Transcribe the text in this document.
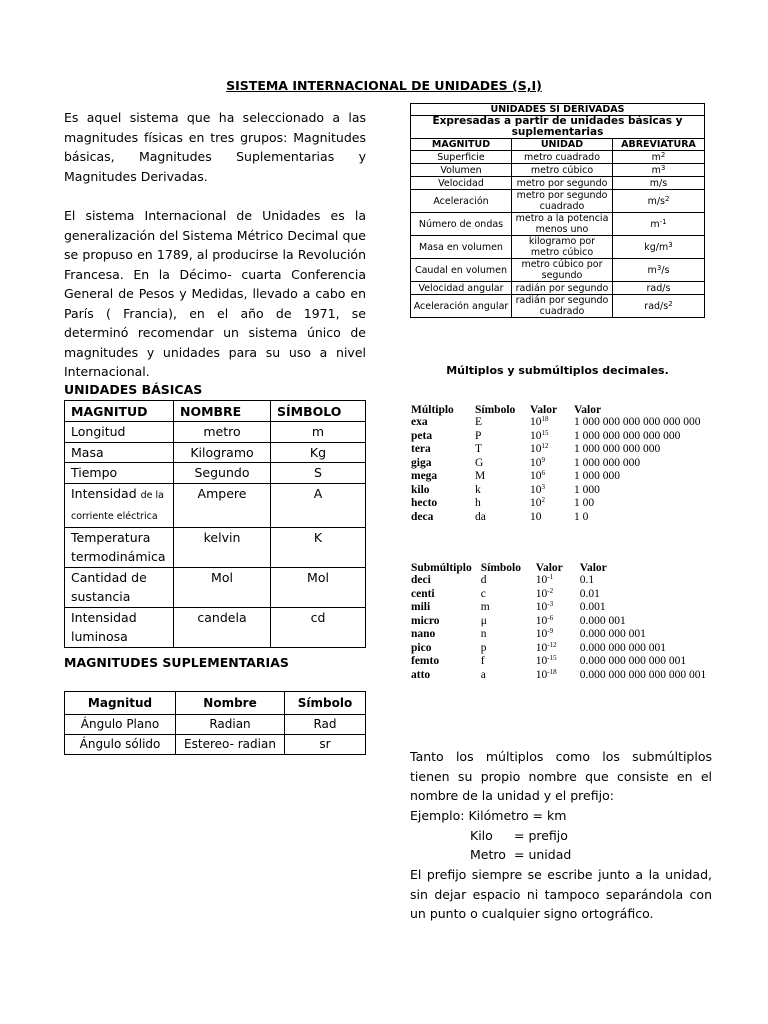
SISTEMA INTERNACIONAL DE UNIDADES (S,I)
Es aquel sistema que ha seleccionado a las magnitudes físicas en tres grupos: Magnitudes básicas, Magnitudes Suplementarias y Magnitudes Derivadas.
El sistema Internacional de Unidades es la generalización del Sistema Métrico Decimal que se propuso en 1789, al producirse la Revolución Francesa. En la Décimo- cuarta Conferencia General de Pesos y Medidas, llevado a cabo en París ( Francia), en el año de 1971, se determinó recomendar un sistema único de magnitudes y unidades para su uso a nivel Internacional.
UNIDADES BÁSICAS
MAGNITUD	NOMBRE	SÍMBOLO
Longitud	metro	m
Masa	Kilogramo	Kg
Tiempo	Segundo	S
Intensidad de la corriente eléctrica	Ampere	A
Temperatura termodinámica	kelvin	K
Cantidad de sustancia	Mol	Mol
Intensidad luminosa	candela	cd
MAGNITUDES SUPLEMENTARIAS
Magnitud	Nombre	Símbolo
Ángulo Plano	Radian	Rad
Ángulo sólido	Estereo- radian	sr
UNIDADES SI DERIVADAS		
Expresadas a partir de unidades básicas y suplementarias		
MAGNITUD	UNIDAD	ABREVIATURA
Superficie	metro cuadrado	$m^2$
Volumen	metro cúbico	$m^3$
Velocidad	metro por segundo	m/s
Aceleración	metro por segundo cuadrado	$m/s^2$
Número de ondas	metro a la potencia menos uno	$m^{-1}$
Masa en volumen	kilogramo por metro cúbico	$kg/m^3$
Caudal en volumen	metro cúbico por segundo	$m^3/s$
Velocidad angular	radián por segundo	rad/s
Aceleración angular	radián por segundo cuadrado	rad/$s^2$
Múltiplos y submúltiplos decimales.
Múltiplo	Símbolo	Valor	Valor
exa	E	$10^{18}$	1 000 000 000 000 000 000
peta	P	$10^{15}$	1 000 000 000 000 000
tera	T	$10^{12}$	1 000 000 000 000
giga	G	$10^9$	1 000 000 000
mega	M	$10^6$	1 000 000
kilo	k	$10^3$	1 000
hecto	h	$10^2$	1 00
deca	da	10	1 0
Submúltiplo	Símbolo	Valor	Valor
deci	d	$10^{-1}$	0.1
centi	c	$10^{-2}$	0.01
mili	m	$10^{-3}$	0.001
micro	μ	$10^{-6}$	0.000 001
nano	n	$10^{-9}$	0.000 000 001
pico	p	$10^{-12}$	0.000 000 000 001
femto	f	$10^{-15}$	0.000 000 000 000 001
atto	a	$10^{-18}$	0.000 000 000 000 000 001
Tanto los múltiplos como los submúltiplos tienen su propio nombre que consiste en el nombre de la unidad y el prefijo:
Ejemplo: Kilómetro = km
Kilo = prefijo
Metro = unidad
El prefijo siempre se escribe junto a la unidad, sin dejar espacio ni tampoco separándola con un punto o cualquier signo ortográfico.
